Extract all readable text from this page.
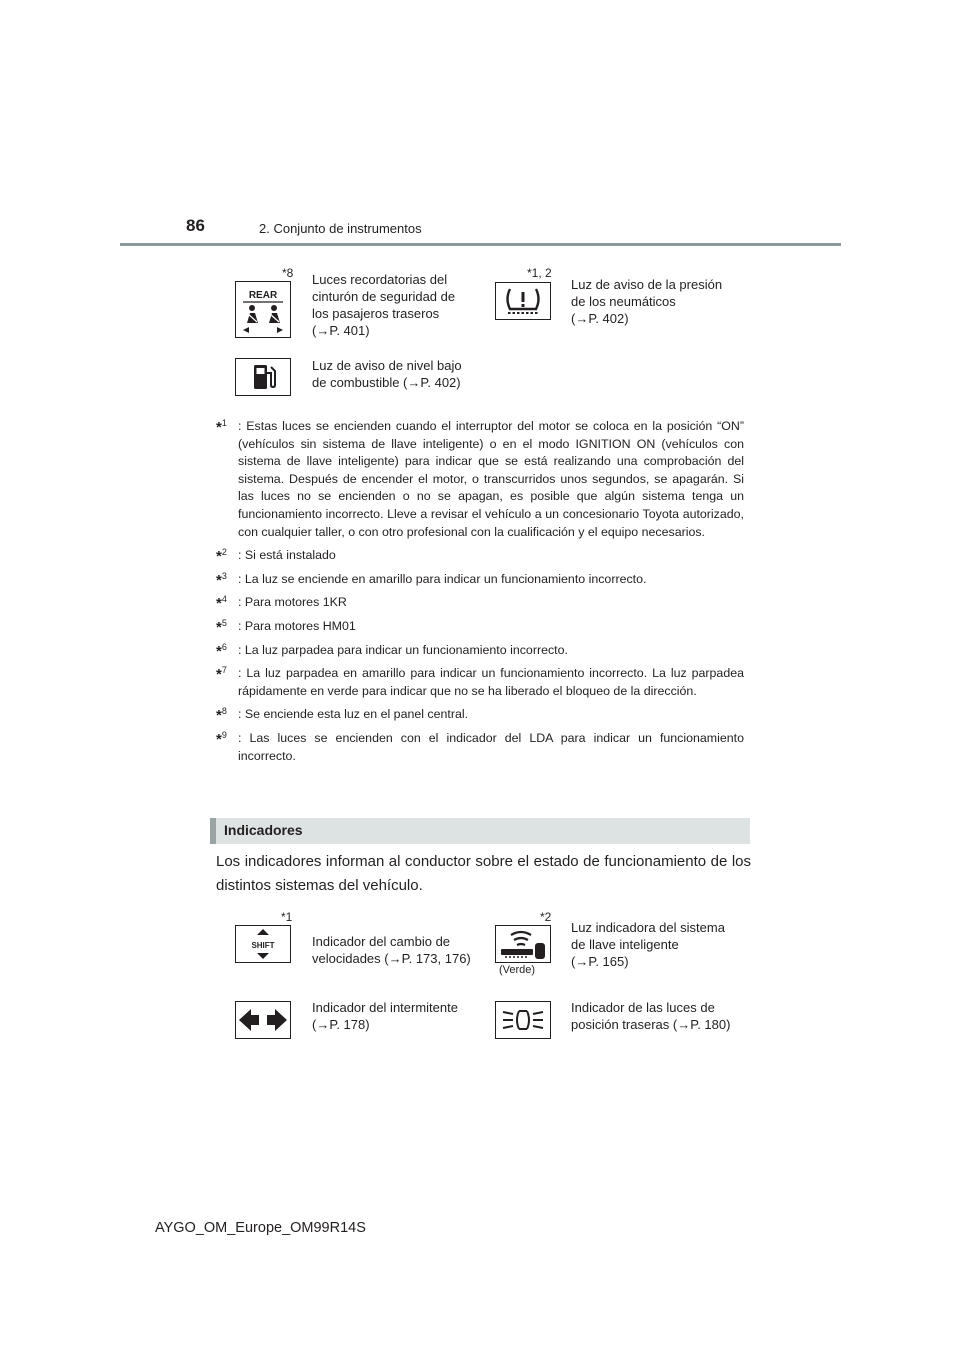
86	2. Conjunto de instrumentos
*8
REAR
Luces recordatorias del
cinturón de seguridad de
los pasajeros traseros
(→P. 401)
*1, 2
Luz de aviso de la presión
de los neumáticos
(→P. 402)
Luz de aviso de nivel bajo
de combustible (→P. 402)
*$^1$ : Estas luces se encienden cuando el interruptor del motor se coloca en la posición “ON” (vehículos sin sistema de llave inteligente) o en el modo IGNITION ON (vehículos con sistema de llave inteligente) para indicar que se está realizando una comprobación del sistema. Después de encender el motor, o transcurridos unos segundos, se apagarán. Si las luces no se encienden o no se apagan, es posible que algún sistema tenga un funcionamiento incorrecto. Lleve a revisar el vehículo a un concesionario Toyota autorizado, con cualquier taller, o con otro profesional con la cualificación y el equipo necesarios.
*$^2$ : Si está instalado
*$^3$ : La luz se enciende en amarillo para indicar un funcionamiento incorrecto.
*$^4$ : Para motores 1KR
*$^5$ : Para motores HM01
*$^6$ : La luz parpadea para indicar un funcionamiento incorrecto.
*$^7$ : La luz parpadea en amarillo para indicar un funcionamiento incorrecto. La luz parpadea rápidamente en verde para indicar que no se ha liberado el bloqueo de la dirección.
*$^8$ : Se enciende esta luz en el panel central.
*$^9$ : Las luces se encienden con el indicador del LDA para indicar un funcionamiento incorrecto.
Indicadores
Los indicadores informan al conductor sobre el estado de funcionamiento de los distintos sistemas del vehículo.
*1
SHIFT	Indicador del cambio de
velocidades (→P. 173, 176)
*2
(Verde)
Luz indicadora del sistema
de llave inteligente
(→P. 165)
Indicador del intermitente
(→P. 178)
Indicador de las luces de
posición traseras (→P. 180)
AYGO_OM_Europe_OM99R14S
